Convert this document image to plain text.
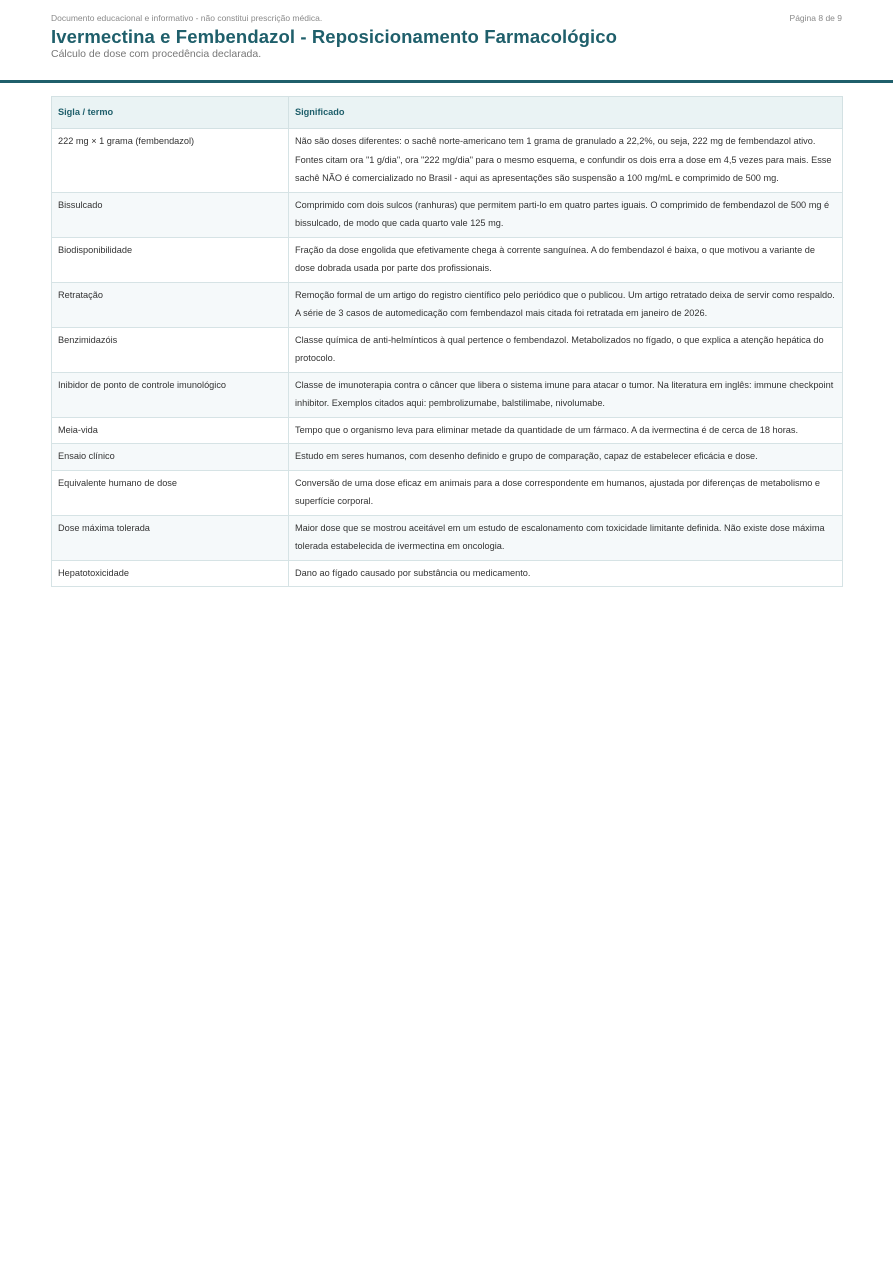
Documento educacional e informativo - não constitui prescrição médica.	Página 8 de 9
Ivermectina e Fembendazol - Reposicionamento Farmacológico
Cálculo de dose com procedência declarada.
Sigla / termo	Significado
222 mg × 1 grama (fembendazol)	Não são doses diferentes: o sachê norte-americano tem 1 grama de granulado a 22,2%, ou seja, 222 mg de fembendazol ativo. Fontes citam ora "1 g/dia", ora "222 mg/dia" para o mesmo esquema, e confundir os dois erra a dose em 4,5 vezes para mais. Esse sachê NÃO é comercializado no Brasil - aqui as apresentações são suspensão a 100 mg/mL e comprimido de 500 mg.
Bissulcado	Comprimido com dois sulcos (ranhuras) que permitem parti-lo em quatro partes iguais. O comprimido de fembendazol de 500 mg é bissulcado, de modo que cada quarto vale 125 mg.
Biodisponibilidade	Fração da dose engolida que efetivamente chega à corrente sanguínea. A do fembendazol é baixa, o que motivou a variante de dose dobrada usada por parte dos profissionais.
Retratação	Remoção formal de um artigo do registro científico pelo periódico que o publicou. Um artigo retratado deixa de servir como respaldo. A série de 3 casos de automedicação com fembendazol mais citada foi retratada em janeiro de 2026.
Benzimidazóis	Classe química de anti-helmínticos à qual pertence o fembendazol. Metabolizados no fígado, o que explica a atenção hepática do protocolo.
Inibidor de ponto de controle imunológico	Classe de imunoterapia contra o câncer que libera o sistema imune para atacar o tumor. Na literatura em inglês: immune checkpoint inhibitor. Exemplos citados aqui: pembrolizumabe, balstilimabe, nivolumabe.
Meia-vida	Tempo que o organismo leva para eliminar metade da quantidade de um fármaco. A da ivermectina é de cerca de 18 horas.
Ensaio clínico	Estudo em seres humanos, com desenho definido e grupo de comparação, capaz de estabelecer eficácia e dose.
Equivalente humano de dose	Conversão de uma dose eficaz em animais para a dose correspondente em humanos, ajustada por diferenças de metabolismo e superfície corporal.
Dose máxima tolerada	Maior dose que se mostrou aceitável em um estudo de escalonamento com toxicidade limitante definida. Não existe dose máxima tolerada estabelecida de ivermectina em oncologia.
Hepatotoxicidade	Dano ao fígado causado por substância ou medicamento.
